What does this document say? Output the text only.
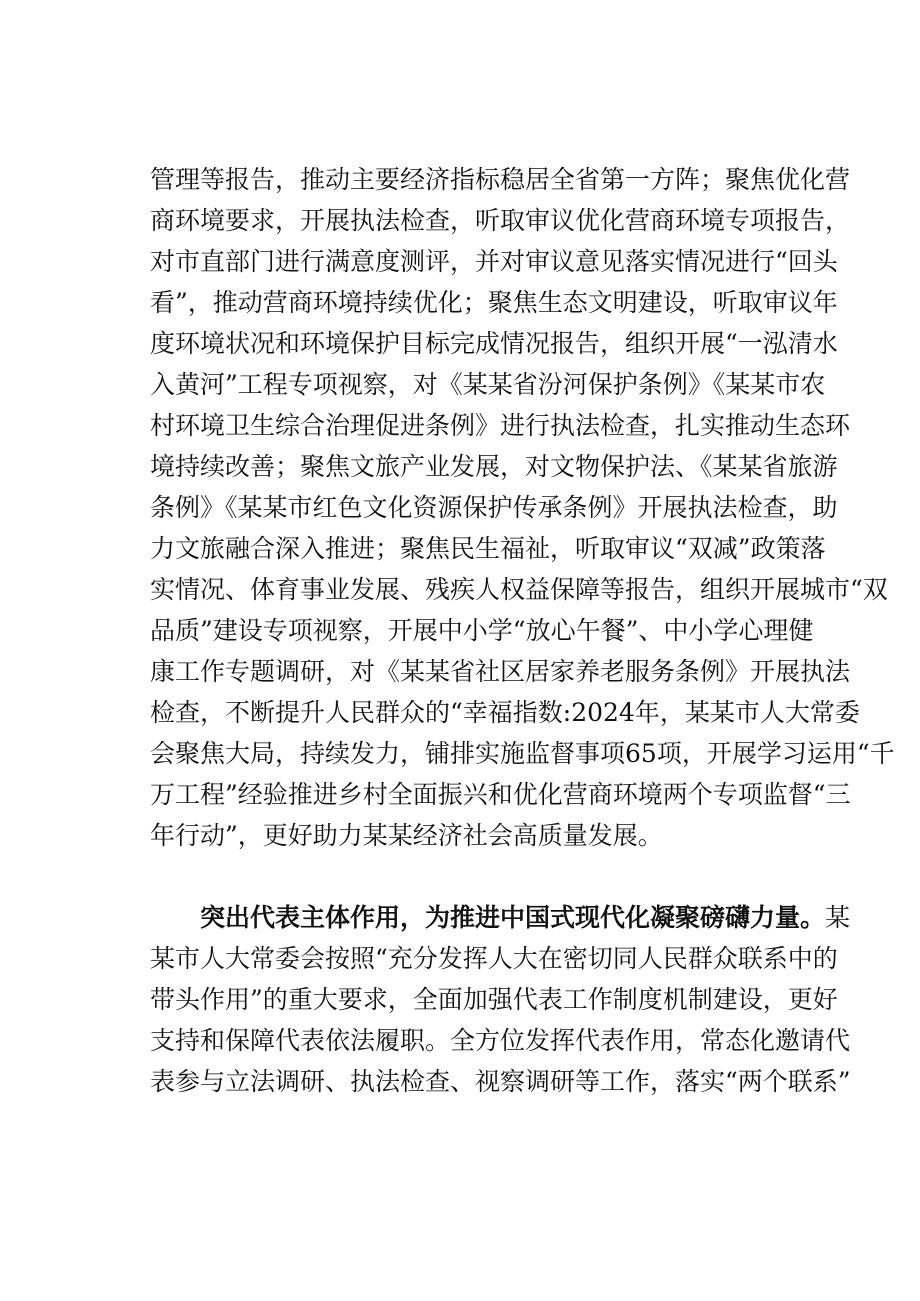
管理等报告，推动主要经济指标稳居全省第一方阵；聚焦优化营
商环境要求，开展执法检查，听取审议优化营商环境专项报告，
对市直部门进行满意度测评，并对审议意见落实情况进行“回头
看”，推动营商环境持续优化；聚焦生态文明建设，听取审议年
度环境状况和环境保护目标完成情况报告，组织开展“一泓清水
入黄河”工程专项视察，对《某某省汾河保护条例》《某某市农
村环境卫生综合治理促进条例》进行执法检查，扎实推动生态环
境持续改善；聚焦文旅产业发展，对文物保护法、《某某省旅游
条例》《某某市红色文化资源保护传承条例》开展执法检查，助
力文旅融合深入推进；聚焦民生福祉，听取审议“双减”政策落
实情况、体育事业发展、残疾人权益保障等报告，组织开展城市“双
品质”建设专项视察，开展中小学“放心午餐”、中小学心理健
康工作专题调研，对《某某省社区居家养老服务条例》开展执法
检查，不断提升人民群众的“幸福指数:2024年，某某市人大常委
会聚焦大局，持续发力，铺排实施监督事项65项，开展学习运用“千
万工程”经验推进乡村全面振兴和优化营商环境两个专项监督“三
年行动”，更好助力某某经济社会高质量发展。
突出代表主体作用，为推进中国式现代化凝聚磅礴力量。某
某市人大常委会按照“充分发挥人大在密切同人民群众联系中的
带头作用”的重大要求，全面加强代表工作制度机制建设，更好
支持和保障代表依法履职。全方位发挥代表作用，常态化邀请代
表参与立法调研、执法检查、视察调研等工作，落实“两个联系”
